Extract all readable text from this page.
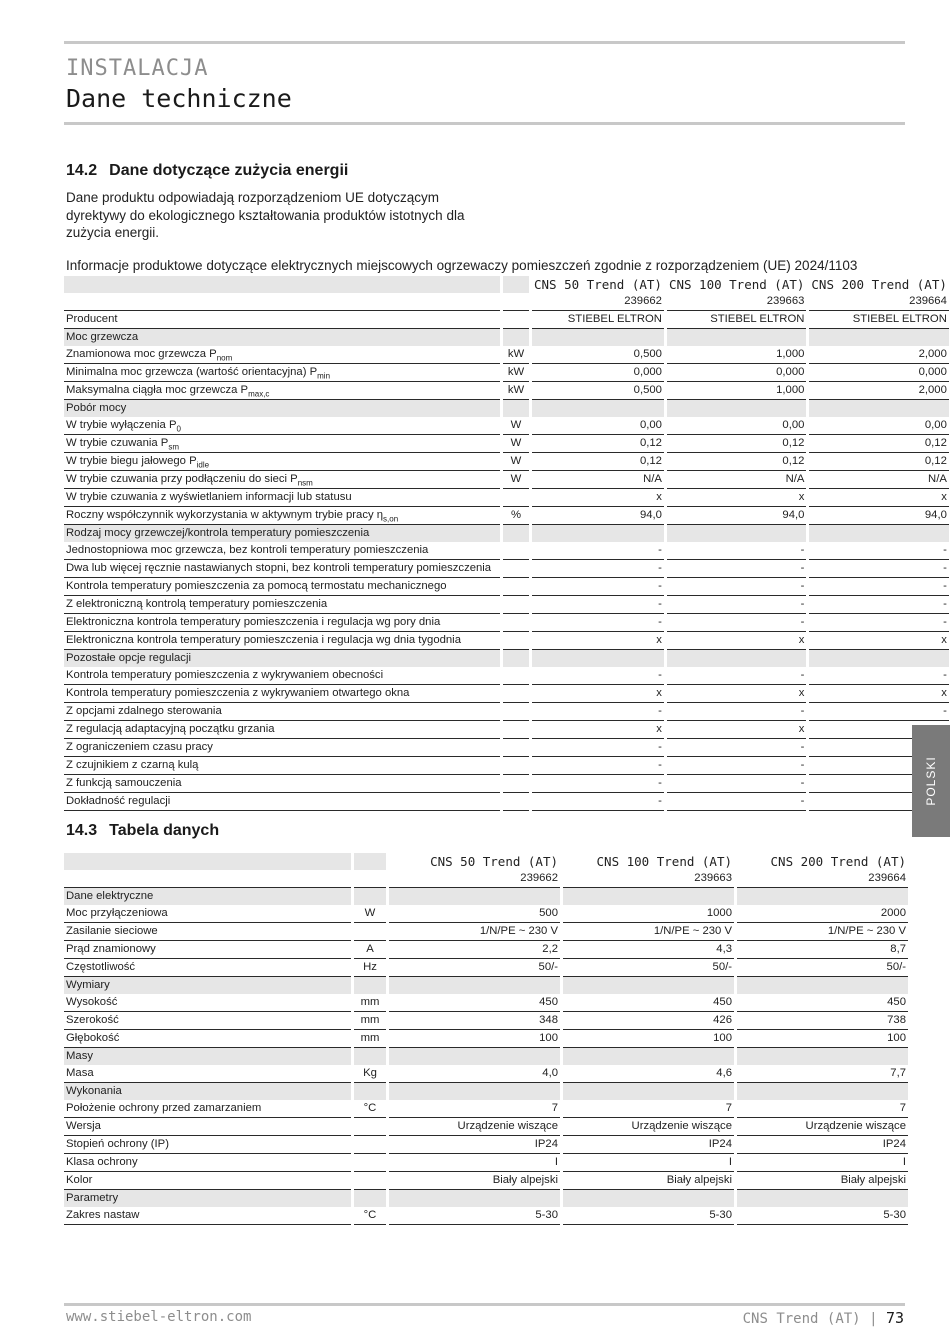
INSTALACJA
Dane techniczne
14.2 Dane dotyczące zużycia energii
Dane produktu odpowiadają rozporządzeniom UE dotyczącym dyrektywy do ekologicznego kształtowania produktów istotnych dla zużycia energii.
Informacje produktowe dotyczące elektrycznych miejscowych ogrzewaczy pomieszczeń zgodnie z rozporządzeniem (UE) 2024/1103
				CNS 50 Trend (AT)		CNS 100 Trend (AT)		CNS 200 Trend (AT)
				239662		239663		239664
Producent				STIEBEL ELTRON		STIEBEL ELTRON		STIEBEL ELTRON
Moc grzewcza								
Znamionowa moc grzewcza $P_{nom}$		kW		0,500		1,000		2,000
Minimalna moc grzewcza (wartość orientacyjna) $P_{min}$		kW		0,000		0,000		0,000
Maksymalna ciągła moc grzewcza $P_{max,c}$		kW		0,500		1,000		2,000
Pobór mocy								
W trybie wyłączenia $P_0$		W		0,00		0,00		0,00
W trybie czuwania $P_{sm}$		W		0,12		0,12		0,12
W trybie biegu jałowego $P_{idle}$		W		0,12		0,12		0,12
W trybie czuwania przy podłączeniu do sieci $P_{nsm}$		W		N/A		N/A		N/A
W trybie czuwania z wyświetlaniem informacji lub statusu				x		x		x
Roczny współczynnik wykorzystania w aktywnym trybie pracy $\eta_{s,on}$		%		94,0		94,0		94,0
Rodzaj mocy grzewczej/kontrola temperatury pomieszczenia								
Jednostopniowa moc grzewcza, bez kontroli temperatury pomieszczenia				-		-		-
Dwa lub więcej ręcznie nastawianych stopni, bez kontroli temperatury pomieszczenia				-		-		-
Kontrola temperatury pomieszczenia za pomocą termostatu mechanicznego				-		-		-
Z elektroniczną kontrolą temperatury pomieszczenia				-		-		-
Elektroniczna kontrola temperatury pomieszczenia i regulacja wg pory dnia				-		-		-
Elektroniczna kontrola temperatury pomieszczenia i regulacja wg dnia tygodnia				x		x		x
Pozostałe opcje regulacji								
Kontrola temperatury pomieszczenia z wykrywaniem obecności				-		-		-
Kontrola temperatury pomieszczenia z wykrywaniem otwartego okna				x		x		x
Z opcjami zdalnego sterowania				-		-		-
Z regulacją adaptacyjną początku grzania				x		x		
Z ograniczeniem czasu pracy				-		-		
Z czujnikiem z czarną kulą				-		-		
Z funkcją samouczenia				-		-		
Dokładność regulacji				-		-			POLSKI
14.3 Tabela danych
				CNS 50 Trend (AT)		CNS 100 Trend (AT)		CNS 200 Trend (AT)
				239662		239663		239664
Dane elektryczne								
Moc przyłączeniowa		W		500		1000		2000
Zasilanie sieciowe				1/N/PE ~ 230 V		1/N/PE ~ 230 V		1/N/PE ~ 230 V
Prąd znamionowy		A		2,2		4,3		8,7
Częstotliwość		Hz		50/-		50/-		50/-
Wymiary								
Wysokość		mm		450		450		450
Szerokość		mm		348		426		738
Głębokość		mm		100		100		100
Masy								
Masa		Kg		4,0		4,6		7,7
Wykonania								
Położenie ochrony przed zamarzaniem		°C		7		7		7
Wersja				Urządzenie wiszące		Urządzenie wiszące		Urządzenie wiszące
Stopień ochrony (IP)				IP24		IP24		IP24
Klasa ochrony				I		I		I
Kolor				Biały alpejski		Biały alpejski		Biały alpejski
Parametry								
Zakres nastaw		°C		5-30		5-30		5-30
www.stiebel-eltron.com	CNS Trend (AT) | 73
